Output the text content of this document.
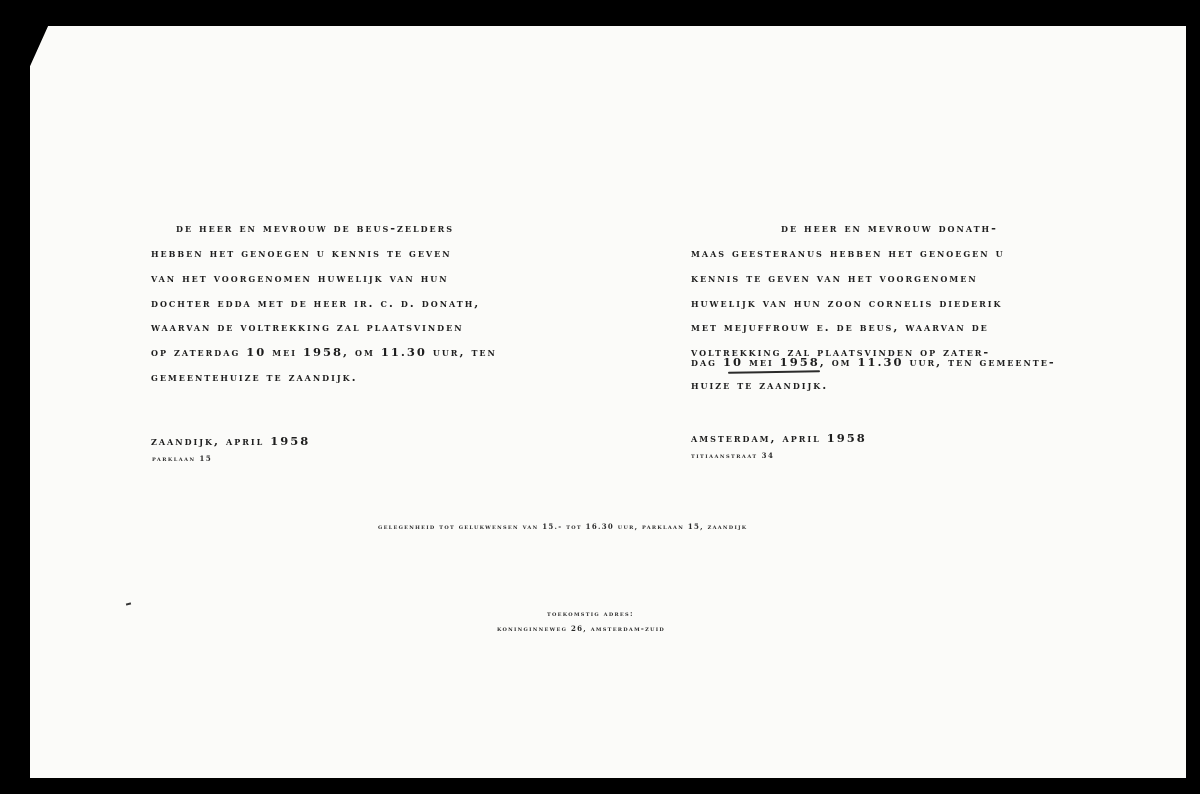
de heer en mevrouw de beus-zelders
hebben het genoegen u kennis te geven
van het voorgenomen huwelijk van hun
dochter edda met de heer ir. c. d. donath,
waarvan de voltrekking zal plaatsvinden
op zaterdag 10 mei 1958, om 11.30 uur, ten
gemeentehuize te zaandijk.
zaandijk, april 1958
parklaan 15
de heer en mevrouw donath-
maas geesteranus hebben het genoegen u
kennis te geven van het voorgenomen
huwelijk van hun zoon cornelis diederik
met mejuffrouw e. de beus, waarvan de
voltrekking zal plaatsvinden op zater-
dag 10 mei 1958, om 11.30 uur, ten gemeente-
huize te zaandijk.
amsterdam, april 1958
titiaanstraat 34
gelegenheid tot gelukwensen van 15.- tot 16.30 uur, parklaan 15, zaandijk
toekomstig adres:
koninginneweg 26, amsterdam-zuid
